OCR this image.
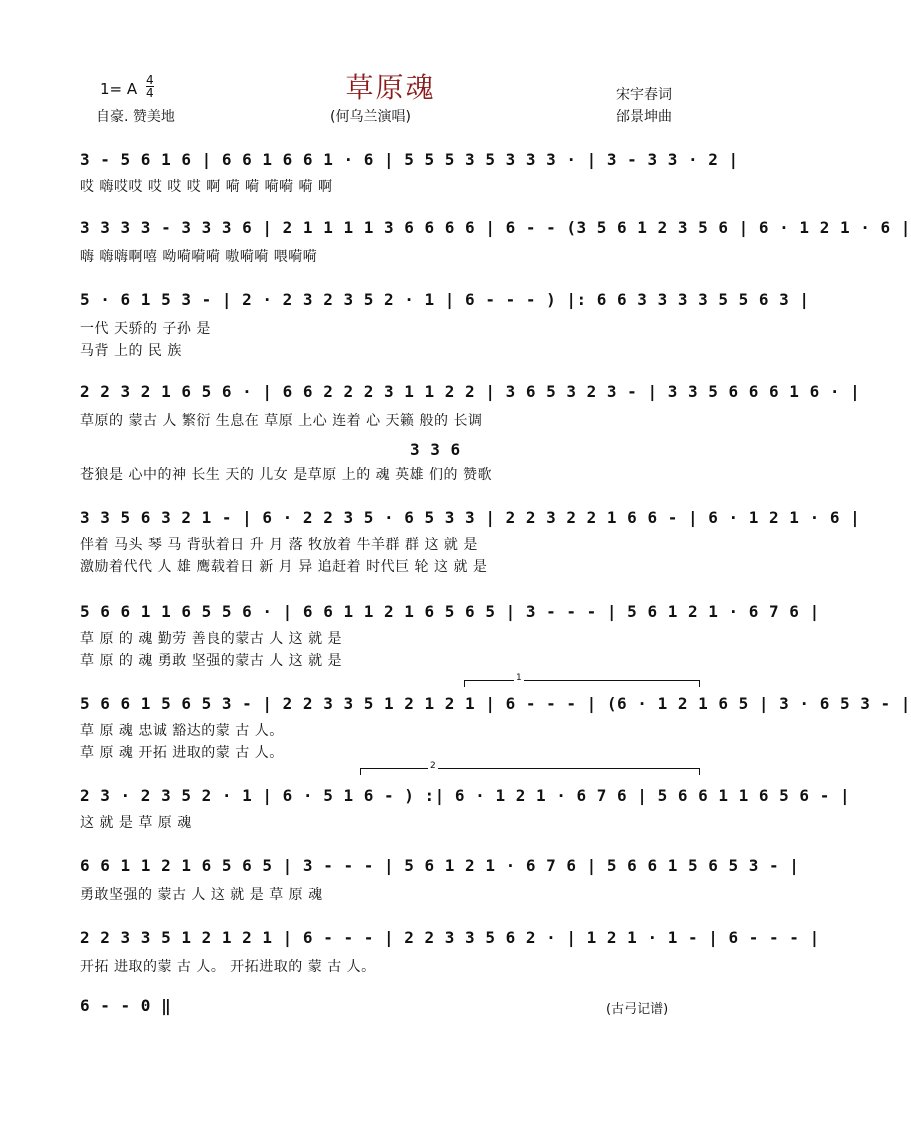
草原魂
1= A 4
4
自豪. 赞美地	(何乌兰演唱)
宋宇春词
邰景坤曲
3 - 5 6 1 6 | 6 6 1 6 6 1 · 6 | 5 5 5 3 5 3 3 3 · | 3 - 3 3 · 2 |
哎 嗨哎哎 哎 哎 哎 啊 嗬 嗬 嗬嗬 嗬 啊
3 3 3 3 - 3 3 3 6 | 2 1 1 1 1 3 6 6 6 6 | 6 - - (3 5 6 1 2 3 5 6 | 6 · 1 2 1 · 6 |
嗨 嗨嗨啊嘻 呦嗬嗬嗬 嗷嗬嗬 喂嗬嗬
5 · 6 1 5 3 - | 2 · 2 3 2 3 5 2 · 1 | 6 - - - ) |: 6 6 3 3 3 3 5 5 6 3 |
一代 天骄的 子孙 是
马背 上的 民 族
2 2 3 2 1 6 5 6 · | 6 6 2 2 2 3 1 1 2 2 | 3 6 5 3 2 3 - | 3 3 5 6 6 6 1 6 · |
草原的 蒙古 人 繁衍 生息在 草原 上心 连着 心 天籁 般的 长调
3 3 6
苍狼是 心中的神 长生 天的 儿女 是草原 上的 魂 英雄 们的 赞歌
3 3 5 6 3 2 1 - | 6 · 2 2 3 5 · 6 5 3 3 | 2 2 3 2 2 1 6 6 - | 6 · 1 2 1 · 6 |
伴着 马头 琴 马 背驮着日 升 月 落 牧放着 牛羊群 群 这 就 是
激励着代代 人 雄 鹰载着日 新 月 异 追赶着 时代巨 轮 这 就 是
5 6 6 1 1 6 5 5 6 · | 6 6 1 1 2 1 6 5 6 5 | 3 - - - | 5 6 1 2 1 · 6 7 6 |
草 原 的 魂 勤劳 善良的蒙古 人 这 就 是
草 原 的 魂 勇敢 坚强的蒙古 人 这 就 是
1
5 6 6 1 5 6 5 3 - | 2 2 3 3 5 1 2 1 2 1 | 6 - - - | (6 · 1 2 1 6 5 | 3 · 6 5 3 - |
草 原 魂 忠诚 豁达的蒙 古 人。
草 原 魂 开拓 进取的蒙 古 人。
2
2 3 · 2 3 5 2 · 1 | 6 · 5 1 6 - ) :| 6 · 1 2 1 · 6 7 6 | 5 6 6 1 1 6 5 6 - |
这 就 是 草 原 魂
6 6 1 1 2 1 6 5 6 5 | 3 - - - | 5 6 1 2 1 · 6 7 6 | 5 6 6 1 5 6 5 3 - |
勇敢坚强的 蒙古 人 这 就 是 草 原 魂
2 2 3 3 5 1 2 1 2 1 | 6 - - - | 2 2 3 3 5 6 2 · | 1 2 1 · 1 - | 6 - - - |
开拓 进取的蒙 古 人。 开拓进取的 蒙 古 人。
6 - - 0 ‖	(古弓记谱)
